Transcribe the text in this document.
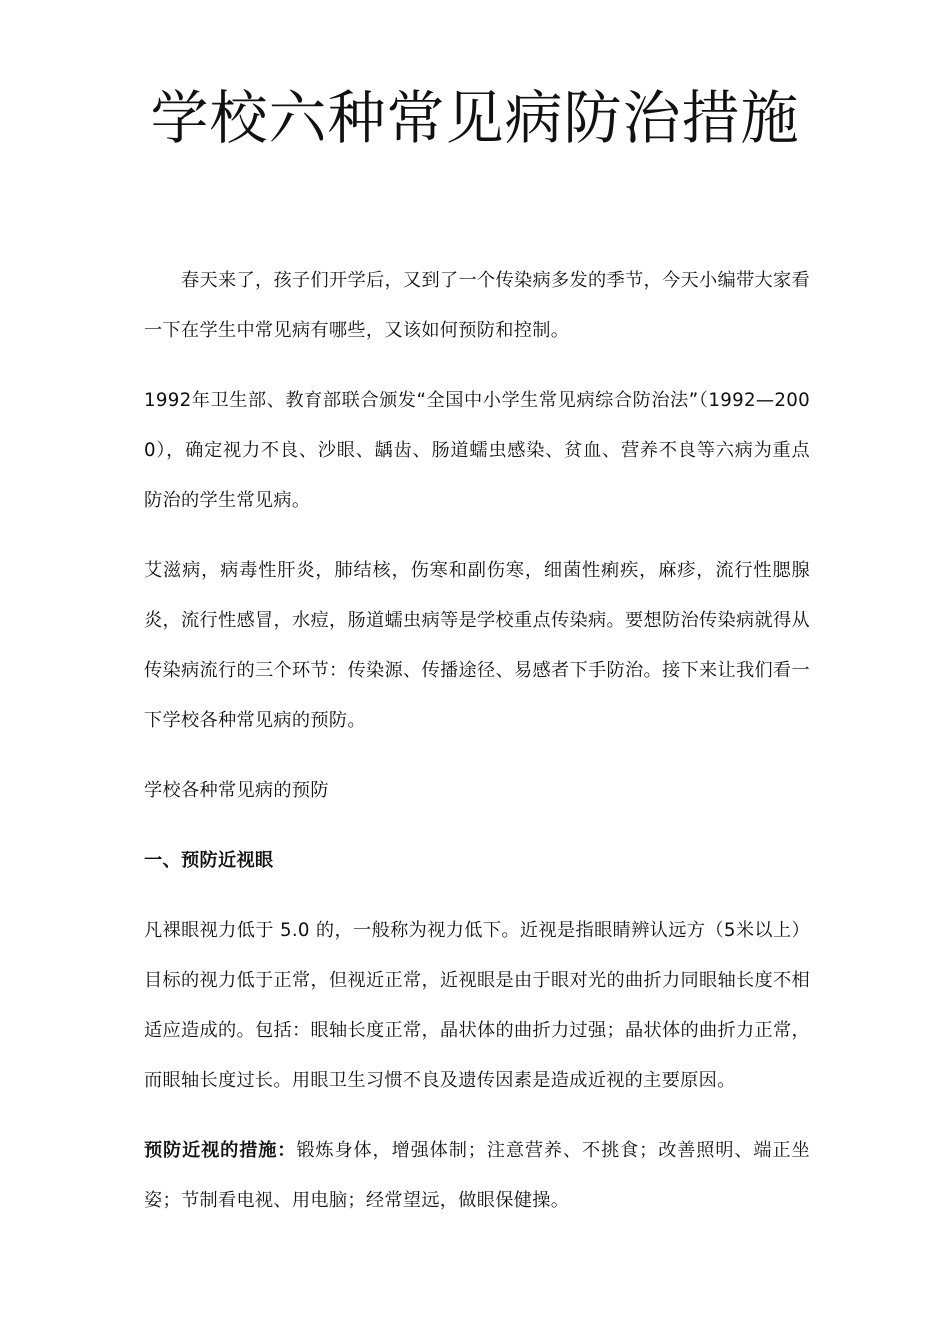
学校六种常见病防治措施

春天来了，孩子们开学后，又到了一个传染病多发的季节，今天小编带大家看一下在学生中常见病有哪些，又该如何预防和控制。

1992年卫生部、教育部联合颁发“全国中小学生常见病综合防治法”（1992—2000），确定视力不良、沙眼、龋齿、肠道蠕虫感染、贫血、营养不良等六病为重点防治的学生常见病。

艾滋病，病毒性肝炎，肺结核，伤寒和副伤寒，细菌性痢疾，麻疹，流行性腮腺炎，流行性感冒，水痘，肠道蠕虫病等是学校重点传染病。要想防治传染病就得从传染病流行的三个环节：传染源、传播途径、易感者下手防治。接下来让我们看一下学校各种常见病的预防。

学校各种常见病的预防

一、预防近视眼

凡裸眼视力低于 5.0 的，一般称为视力低下。近视是指眼睛辨认远方（5米以上）目标的视力低于正常，但视近正常，近视眼是由于眼对光的曲折力同眼轴长度不相适应造成的。包括：眼轴长度正常，晶状体的曲折力过强；晶状体的曲折力正常，而眼轴长度过长。用眼卫生习惯不良及遗传因素是造成近视的主要原因。

预防近视的措施：锻炼身体，增强体制；注意营养、不挑食；改善照明、端正坐姿；节制看电视、用电脑；经常望远，做眼保健操。
